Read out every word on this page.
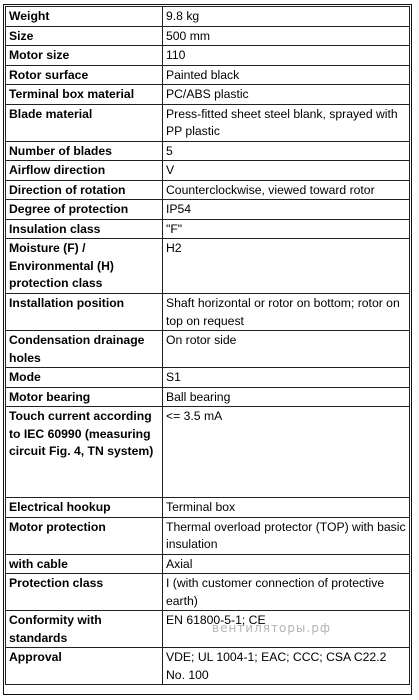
Weight	9.8 kg
Size	500 mm
Motor size	110
Rotor surface	Painted black
Terminal box material	PC/ABS plastic
Blade material	Press-fitted sheet steel blank, sprayed with PP plastic
Number of blades	5
Airflow direction	V
Direction of rotation	Counterclockwise, viewed toward rotor
Degree of protection	IP54
Insulation class	"F"
Moisture (F) / Environmental (H) protection class	H2
Installation position	Shaft horizontal or rotor on bottom; rotor on top on request
Condensation drainage holes	On rotor side
Mode	S1
Motor bearing	Ball bearing
Touch current according to IEC 60990 (measuring circuit Fig. 4, TN system)	<= 3.5 mA
Electrical hookup	Terminal box
Motor protection	Thermal overload protector (TOP) with basic insulation
with cable	Axial
Protection class	I (with customer connection of protective earth)
Conformity with standards	EN 61800-5-1; CE
Approval	VDE; UL 1004-1; EAC; CCC; CSA C22.2 No. 100
вентиляторы.рф
